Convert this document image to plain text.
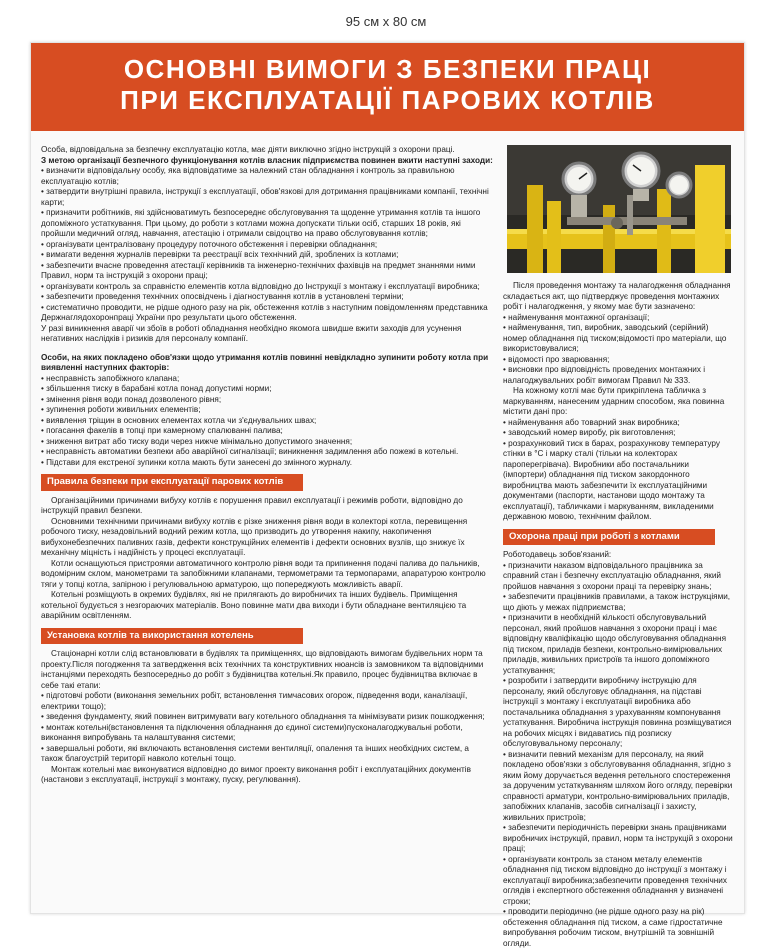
95 см х 80 см
ОСНОВНІ ВИМОГИ З БЕЗПЕКИ ПРАЦІ
ПРИ ЕКСПЛУАТАЦІЇ ПАРОВИХ КОТЛІВ

Особа, відповідальна за безпечну експлуатацію котла, має діяти виключно згідно інструкцій з охорони праці.

З метою організації безпечного функціонування котлів власник підприємства повинен вжити наступні заходи:

• визначити відповідальну особу, яка відповідатиме за належний стан обладнання і контроль за правильною експлуатацію котлів;

• затвердити внутрішні правила, інструкції з експлуатації, обов'язкові для дотримання працівниками компанії, технічні карти;

• призначити робітників, які здійснюватимуть безпосереднє обслуговування та щоденне утримання котлів та іншого допоміжного устаткування. При цьому, до роботи з котлами можна допускати тільки осіб, старших 18 років, які пройшли медичний огляд, навчання, атестацію і отримали свідоцтво на право обслуговування котлів;

• організувати централізовану процедуру поточного обстеження і перевірки обладнання;

• вимагати ведення журналів перевірки та реєстрації всіх технічний дій, зроблених із котлами;

• забезпечити вчасне проведення атестації керівників та інженерно-технічних фахівців на предмет знаннями ними Правил, норм та інструкцій з охорони праці;

• організувати контроль за справністю елементів котла відповідно до Інструкції з монтажу і експлуатації виробника;

• забезпечити проведення технічних опосвідчень і діагностування котлів в установлені терміни;

• систематично проводити, не рідше одного разу на рік, обстеження котлів з наступним повідомленням представника Держнаглядохоронпраці України про результати цього обстеження.

У разі виникнення аварії чи збоїв в роботі обладнання необхідно якомога швидше вжити заходів для усунення негативних наслідків і ризиків для персоналу компанії.

Особи, на яких покладено обов'язки щодо утримання котлів повинні невідкладно зупинити роботу котла при виявленні наступних факторів:

• несправність запобіжного клапана;

• збільшення тиску в барабані котла понад допустимі норми;

• змінення рівня води понад дозволеного рівня;

• зупинення роботи живильних елементів;

• виявлення тріщин в основних елементах котла чи з'єднувальних швах;

• погасання факелів в топці при камерному спалюванні палива;

• зниження витрат або тиску води через нижче мінімально допустимого значення;

• несправність автоматики безпеки або аварійної сигналізації; виникнення задимлення або пожежі в котельні.

• Підстави для екстреної зупинки котла мають бути занесені до змінного журналу.

Правила безпеки при експлуатації парових котлів

Організаційними причинами вибуху котлів є порушення правил експлуатації і режимів роботи, відповідно до інструкцій правил безпеки.

Основними технічними причинами вибуху котлів є різке зниження рівня води в колекторі котла, перевищення робочого тиску, незадовільний водний режим котла, що призводить до утворення накипу, накопичення вибухонебезпечних паливних газів, дефекти конструкційних елементів і дефекти основних вузлів, що знижує їх механічну міцність і надійність у процесі експлуатації.

Котли оснащуються пристроями автоматичного контролю рівня води та припинення подачі палива до пальників, водомірним склом, манометрами та запобіжними клапанами, термометрами та термопарами, апаратурою контролю тяги у топці котла, запірною і регулювальною арматурою, що попереджують можливість аварії.

Котельні розміщують в окремих будівлях, які не прилягають до виробничих та інших будівель. Приміщення котельної будується з незгораючих матеріалів. Воно повинне мати два виходи і бути обладнане вентиляцією та аварійним освітленням.

Установка котлів та використання котелень

Стаціонарні котли слід встановлювати в будівлях та приміщеннях, що відповідають вимогам будівельних норм та проекту.Після погодження та затвердження всіх технічних та конструктивних нюансів із замовником та відповідними інстанціями переходять безпосередньо до робіт з будівництва котельні.Як правило, процес будівництва включає в себе такі етапи:

• підготовчі роботи (виконання земельних робіт, встановлення тимчасових огорож, підведення води, каналізації, електрики тощо);

• зведення фундаменту, який повинен витримувати вагу котельного обладнання та мінімізувати ризик пошкодження;

• монтаж котельні(встановлення та підключення обладнання до єдиної системи)пусконалагоджувальні роботи, виконання випробувань та налаштування системи;

• завершальні роботи, які включають встановлення системи вентиляції, опалення та інших необхідних систем, а також благоустрій території навколо котельні тощо.

Монтаж котельні має виконуватися відповідно до вимог проекту виконання робіт і експлуатаційних документів (настанови з експлуатації, інструкції з монтажу, пуску, регулювання).

Після проведення монтажу та налагодження обладнання складається акт, що підтверджує проведення монтажних робіт і налагодження, у якому має бути зазначено:

• найменування монтажної організації;

• найменування, тип, виробник, заводський (серійний) номер обладнання під тиском;відомості про матеріали, що використовувалися;

• відомості про зварювання;

• висновки про відповідність проведених монтажних і налагоджувальних робіт вимогам Правил № 333.

На кожному котлі має бути прикріплена табличка з маркуванням, нанесеним ударним способом, яка повинна містити дані про:

• найменування або товарний знак виробника;

• заводський номер виробу, рік виготовлення;

• розрахунковий тиск в барах, розрахункову температуру стінки в °С і марку сталі (тільки на колекторах пароперегрівача). Виробники або постачальники (імпортери) обладнання під тиском закордонного виробництва мають забезпечити їх експлуатаційними документами (паспорти, настанови щодо монтажу та експлуатації), табличками і маркуванням, викладеними державною мовою, технічним файлом.

Охорона праці при роботі з котлами

Роботодавець зобов'язаний:

• призначити наказом відповідального працівника за справний стан і безпечну експлуатацію обладнання, який пройшов навчання з охорони праці та перевірку знань;

• забезпечити працівників правилами, а також інструкціями, що діють у межах підприємства;

• призначити в необхідній кількості обслуговувальний персонал, який пройшов навчання з охорони праці і має відповідну кваліфікацію щодо обслуговування обладнання під тиском, приладів безпеки, контрольно-вимірювальних приладів, живильних пристроїв та іншого допоміжного устаткування;

• розробити і затвердити виробничу інструкцію для персоналу, який обслуговує обладнання, на підставі інструкції з монтажу і експлуатації виробника або постачальника обладнання з урахуванням компонування устаткування. Виробнича інструкція повинна розміщуватися на робочих місцях і видаватись під розписку обслуговувальному персоналу;

• визначити певний механізм для персоналу, на який покладено обов'язки з обслуговування обладнання, згідно з яким йому доручається ведення ретельного спостереження за дорученим устаткуванням шляхом його огляду, перевірки справності арматури, контрольно-вимірювальних приладів, запобіжних клапанів, засобів сигналізації і захисту, живильних пристроїв;

• забезпечити періодичність перевірки знань працівниками виробничих інструкцій, правил, норм та інструкцій з охорони праці;

• організувати контроль за станом металу елементів обладнання під тиском відповідно до інструкції з монтажу і експлуатації виробника;забезпечити проведення технічних оглядів і експертного обстеження обладнання у визначені строки;

• проводити періодично (не рідше одного разу на рік) обстеження обладнання під тиском, а саме гідростатичне випробування робочим тиском, внутрішній та зовнішній огляди.
